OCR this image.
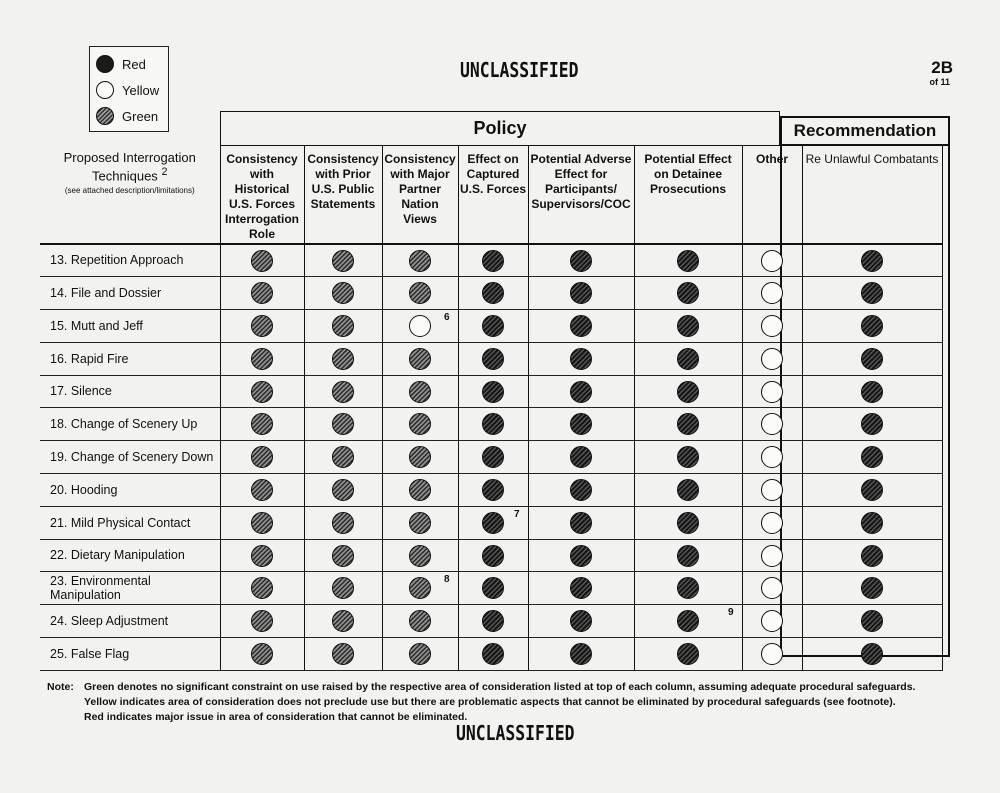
Red
Yellow
Green
UNCLASSIFIED	2B
of 11
Policy	Recommendation
Proposed Interrogation Techniques $^2$
(see attached description/limitations)	Consistency with Historical U.S. Forces Interrogation Role	Consistency with Prior U.S. Public Statements	Consistency with Major Partner Nation Views	Effect on Captured U.S. Forces	Potential Adverse Effect for Participants/ Supervisors/COC	Potential Effect on Detainee Prosecutions	Other	Re Unlawful Combatants
13. Repetition Approach								
14. File and Dossier								
15. Mutt and Jeff			6					

16. Rapid Fire								
17. Silence								
18. Change of Scenery Up								
19. Change of Scenery Down								
20. Hooding								
21. Mild Physical Contact				7				

22. Dietary Manipulation								
23. Environmental Manipulation			8					

24. Sleep Adjustment						9		

25. False Flag								
UNCLASSIFIED
Note: Green denotes no significant constraint on use raised by the respective area of consideration listed at top of each column, assuming adequate procedural safeguards.
Yellow indicates area of consideration does not preclude use but there are problematic aspects that cannot be eliminated by procedural safeguards (see footnote).
Red indicates major issue in area of consideration that cannot be eliminated.
